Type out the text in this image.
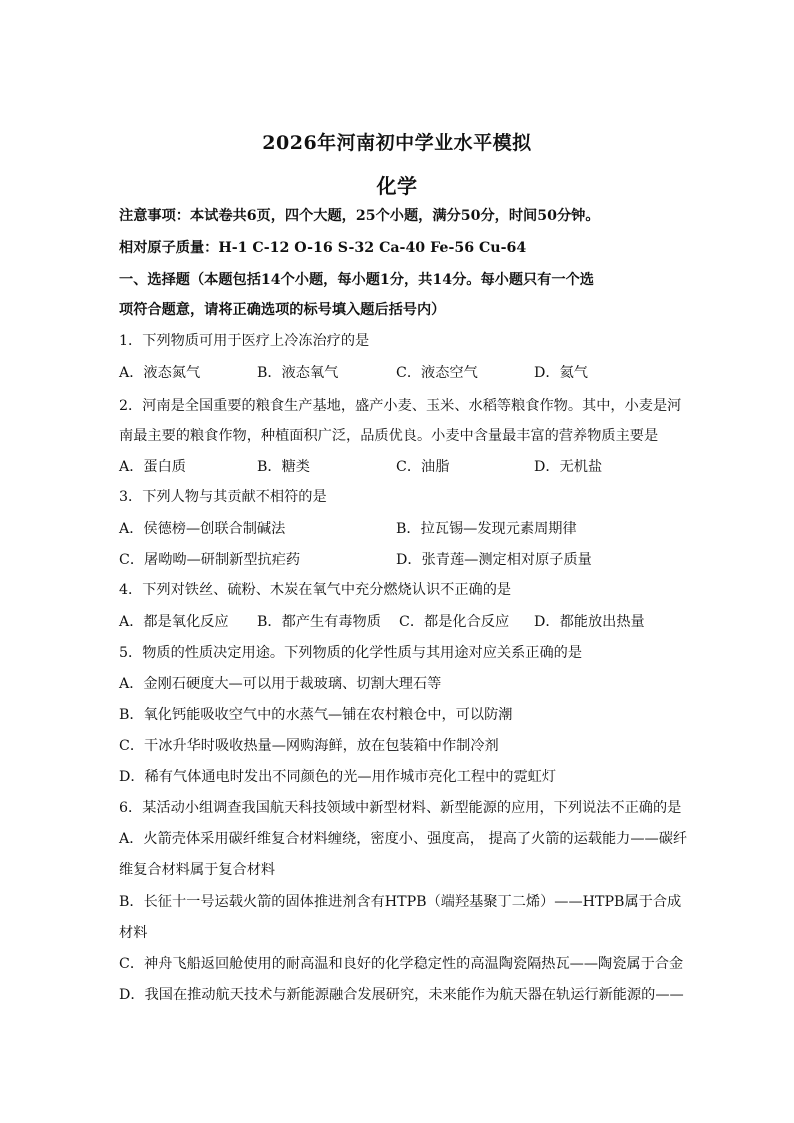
2026年河南初中学业水平模拟
化学
注意事项：本试卷共6页，四个大题，25个小题，满分50分，时间50分钟。
相对原子质量：H-1 C-12 O-16 S-32 Ca-40 Fe-56 Cu-64
一、选择题（本题包括14个小题，每小题1分，共14分。每小题只有一个选
项符合题意，请将正确选项的标号填入题后括号内）
1．下列物质可用于医疗上冷冻治疗的是
A．液态氮气	B．液态氧气	C．液态空气	D．氦气
2．河南是全国重要的粮食生产基地，盛产小麦、玉米、水稻等粮食作物。其中，小麦是河
南最主要的粮食作物，种植面积广泛，品质优良。小麦中含量最丰富的营养物质主要是
A．蛋白质	B．糖类	C．油脂	D．无机盐
3．下列人物与其贡献不相符的是
A．侯德榜—创联合制碱法	B．拉瓦锡—发现元素周期律
C．屠呦呦—研制新型抗疟药	D．张青莲—测定相对原子质量
4．下列对铁丝、硫粉、木炭在氧气中充分燃烧认识不正确的是
A．都是氧化反应 B．都产生有毒物质 C．都是化合反应 D．都能放出热量
5．物质的性质决定用途。下列物质的化学性质与其用途对应关系正确的是
A．金刚石硬度大—可以用于裁玻璃、切割大理石等
B．氧化钙能吸收空气中的水蒸气—铺在农村粮仓中，可以防潮
C．干冰升华时吸收热量—网购海鲜，放在包装箱中作制冷剂
D．稀有气体通电时发出不同颜色的光—用作城市亮化工程中的霓虹灯
6．某活动小组调查我国航天科技领域中新型材料、新型能源的应用，下列说法不正确的是
A．火箭壳体采用碳纤维复合材料缠绕，密度小、强度高， 提高了火箭的运载能力——碳纤
维复合材料属于复合材料
B．长征十一号运载火箭的固体推进剂含有HTPB（端羟基聚丁二烯）——HTPB属于合成
材料
C．神舟飞船返回舱使用的耐高温和良好的化学稳定性的高温陶瓷隔热瓦——陶瓷属于合金
D．我国在推动航天技术与新能源融合发展研究，未来能作为航天器在轨运行新能源的——
